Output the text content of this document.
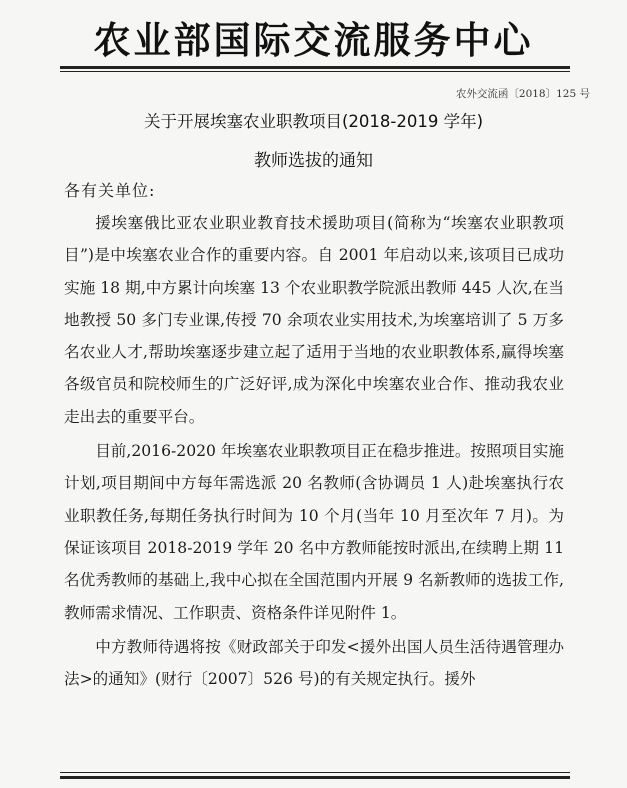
农业部国际交流服务中心
农外交流函〔2018〕125 号
关于开展埃塞农业职教项目(2018-2019 学年)
教师选拔的通知
各有关单位:

援埃塞俄比亚农业职业教育技术援助项目(简称为“埃塞农业职教项目”)是中埃塞农业合作的重要内容。自 2001 年启动以来,该项目已成功实施 18 期,中方累计向埃塞 13 个农业职教学院派出教师 445 人次,在当地教授 50 多门专业课,传授 70 余项农业实用技术,为埃塞培训了 5 万多名农业人才,帮助埃塞逐步建立起了适用于当地的农业职教体系,赢得埃塞各级官员和院校师生的广泛好评,成为深化中埃塞农业合作、推动我农业走出去的重要平台。

目前,2016-2020 年埃塞农业职教项目正在稳步推进。按照项目实施计划,项目期间中方每年需选派 20 名教师(含协调员 1 人)赴埃塞执行农业职教任务,每期任务执行时间为 10 个月(当年 10 月至次年 7 月)。为保证该项目 2018-2019 学年 20 名中方教师能按时派出,在续聘上期 11 名优秀教师的基础上,我中心拟在全国范围内开展 9 名新教师的选拔工作,教师需求情况、工作职责、资格条件详见附件 1。

中方教师待遇将按《财政部关于印发<援外出国人员生活待遇管理办法>的通知》(财行〔2007〕526 号)的有关规定执行。援外
